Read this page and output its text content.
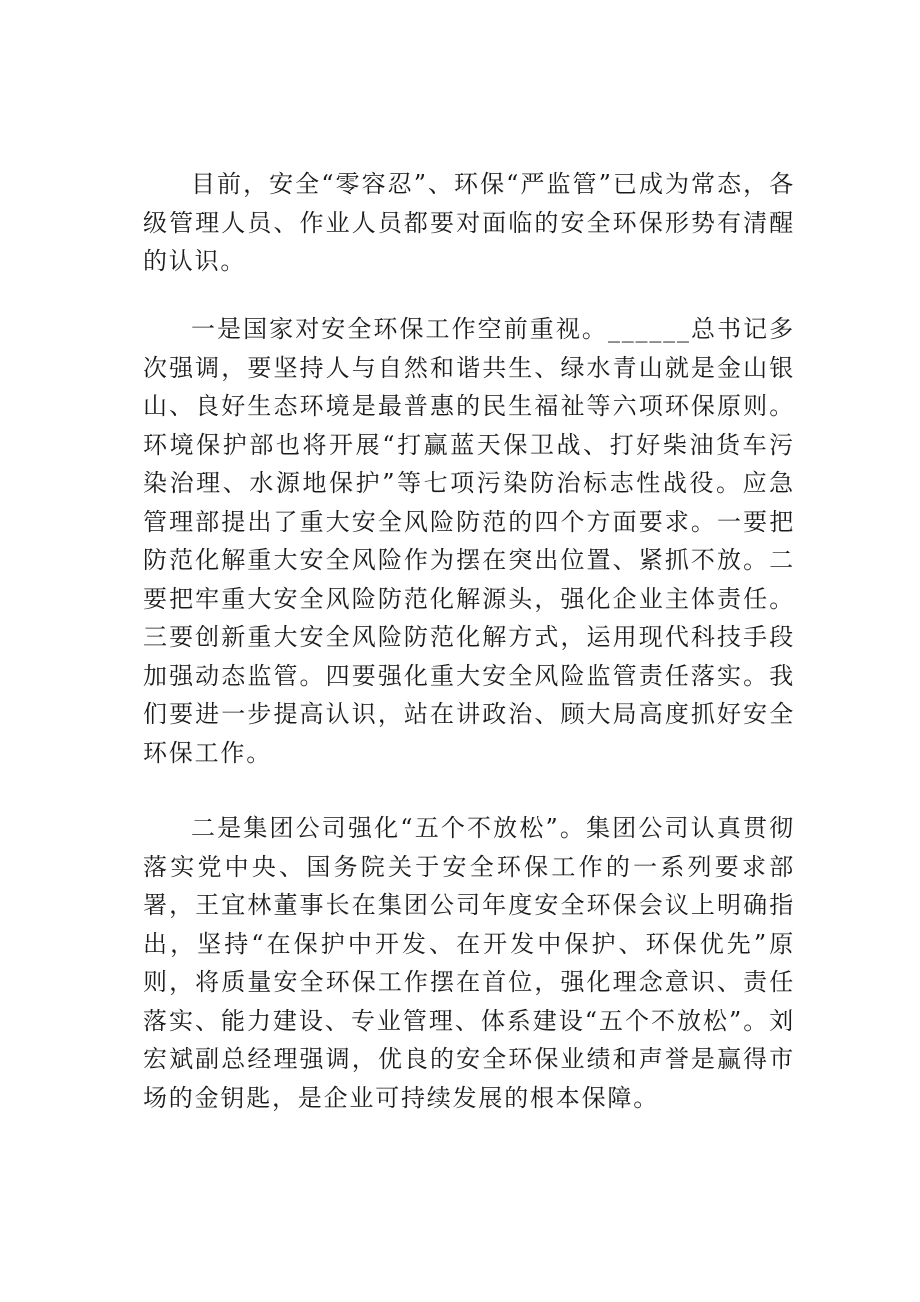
目前，安全“零容忍”、环保“严监管”已成为常态，各级管理人员、作业人员都要对面临的安全环保形势有清醒的认识。

一是国家对安全环保工作空前重视。______总书记多次强调，要坚持人与自然和谐共生、绿水青山就是金山银山、良好生态环境是最普惠的民生福祉等六项环保原则。环境保护部也将开展“打赢蓝天保卫战、打好柴油货车污染治理、水源地保护”等七项污染防治标志性战役。应急管理部提出了重大安全风险防范的四个方面要求。一要把防范化解重大安全风险作为摆在突出位置、紧抓不放。二要把牢重大安全风险防范化解源头，强化企业主体责任。三要创新重大安全风险防范化解方式，运用现代科技手段加强动态监管。四要强化重大安全风险监管责任落实。我们要进一步提高认识，站在讲政治、顾大局高度抓好安全环保工作。

二是集团公司强化“五个不放松”。集团公司认真贯彻落实党中央、国务院关于安全环保工作的一系列要求部署，王宜林董事长在集团公司年度安全环保会议上明确指出，坚持“在保护中开发、在开发中保护、环保优先”原则，将质量安全环保工作摆在首位，强化理念意识、责任落实、能力建设、专业管理、体系建设“五个不放松”。刘宏斌副总经理强调，优良的安全环保业绩和声誉是赢得市场的金钥匙，是企业可持续发展的根本保障。
